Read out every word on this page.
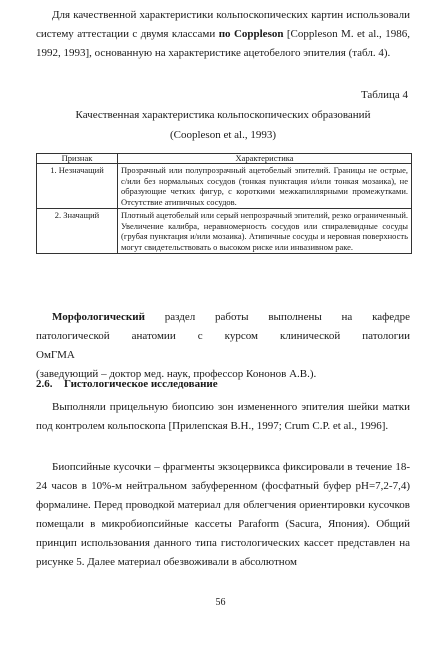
Для качественной характеристики кольпоскопических картин использовали систему аттестации с двумя классами по Coppleson [Coppleson M. et al., 1986, 1992, 1993], основанную на характеристике ацетобелого эпителия (табл. 4).

Таблица 4
Качественная характеристика кольпоскопических образований
(Coopleson et al., 1993)
Признак	Характеристика
1. Незначащий	Прозрачный или полупрозрачный ацетобелый эпителий. Границы не острые, с/или без нормальных сосудов (тонкая пунктация и/или тонкая мозаика), не образующие четких фигур, с короткими межкапиллярными промежутками. Отсутствие атипичных сосудов.
2. Значащий	Плотный ацетобелый или серый непрозрачный эпителий, резко ограниченный. Увеличение калибра, неравномерность сосудов или спиралевидные сосуды (грубая пунктация и/или мозаика). Атипичные сосуды и неровная поверхность могут свидетельствовать о высоком риске или инвазивном раке.

Морфологический раздел работы выполнены на кафедре патологической анатомии с курсом клинической патологии ОмГМА
(заведующий – доктор мед. наук, профессор Кононов А.В.).

2.6. Гистологическое исследование

Выполняли прицельную биопсию зон измененного эпителия шейки матки под контролем кольпоскопа [Прилепская В.Н., 1997; Crum C.P. et al., 1996].

Биопсийные кусочки – фрагменты экзоцервикса фиксировали в течение 18-24 часов в 10%-м нейтральном забуференном (фосфатный буфер pH=7,2-7,4) формалине. Перед проводкой материал для облегчения ориентировки кусочков помещали в микробиопсийные кассеты Paraform (Sacura, Япония). Общий принцип использования данного типа гистологических кассет представлен на рисунке 5. Далее материал обезвоживали в абсолютном

56
